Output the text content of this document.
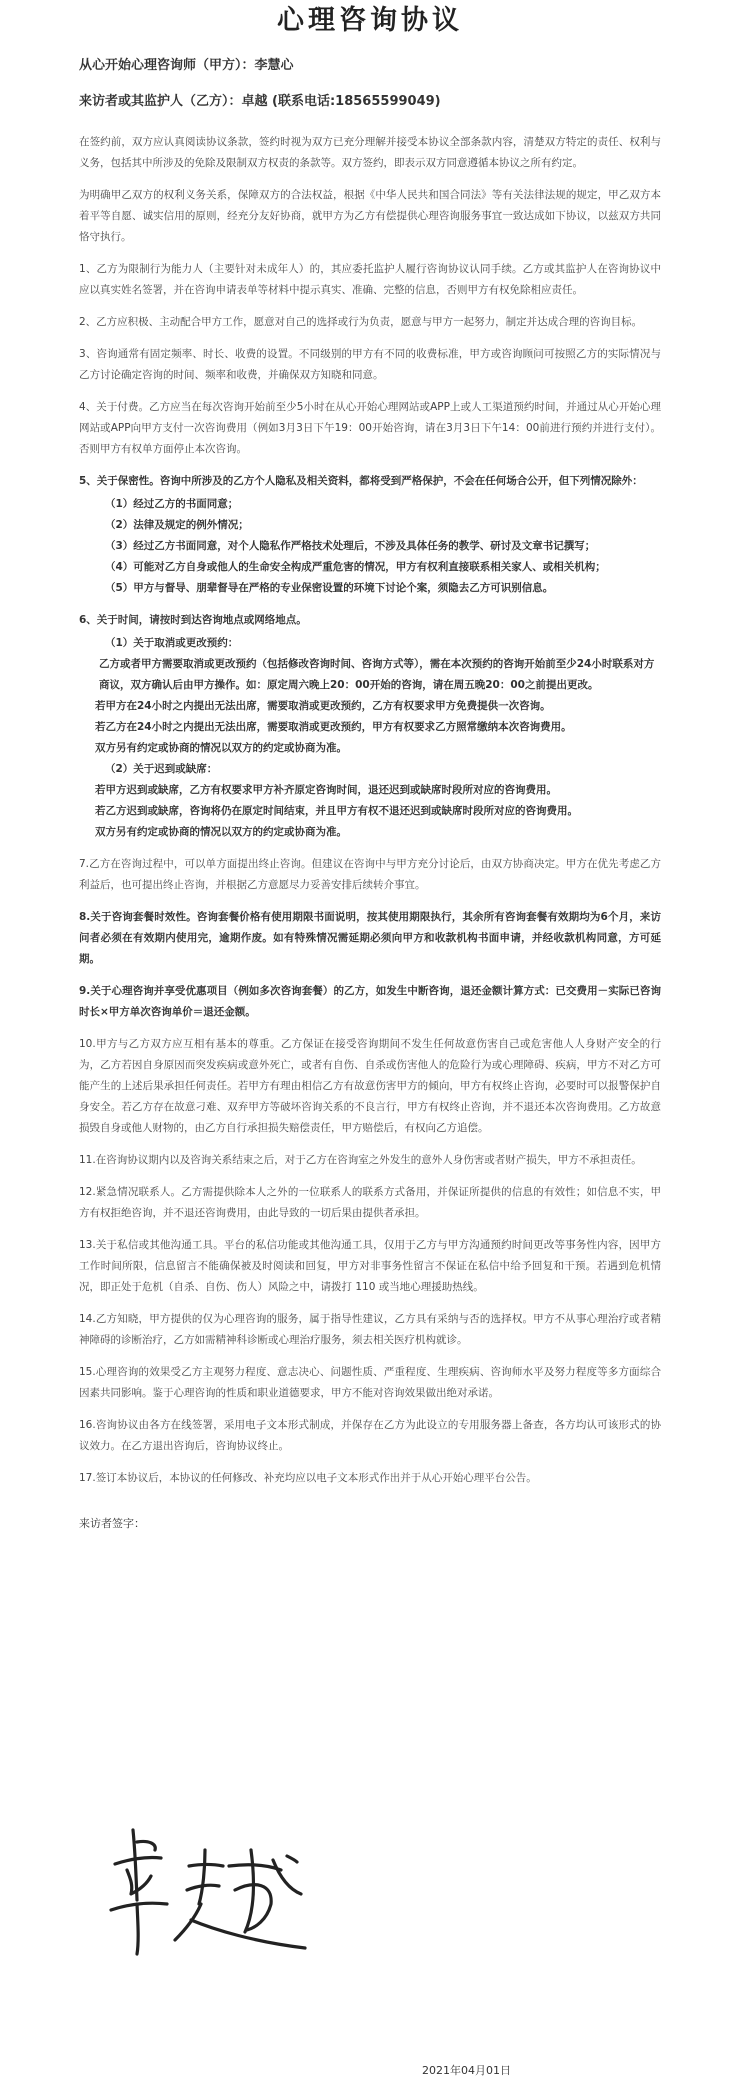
心理咨询协议
从心开始心理咨询师（甲方）：李慧心
来访者或其监护人（乙方）：卓越 (联系电话:18565599049)

在签约前，双方应认真阅读协议条款，签约时视为双方已充分理解并接受本协议全部条款内容，清楚双方特定的责任、权利与义务，包括其中所涉及的免除及限制双方权责的条款等。双方签约，即表示双方同意遵循本协议之所有约定。

为明确甲乙双方的权利义务关系，保障双方的合法权益，根据《中华人民共和国合同法》等有关法律法规的规定，甲乙双方本着平等自愿、诚实信用的原则，经充分友好协商，就甲方为乙方有偿提供心理咨询服务事宜一致达成如下协议，以兹双方共同恪守执行。

1、乙方为限制行为能力人（主要针对未成年人）的，其应委托监护人履行咨询协议认同手续。乙方或其监护人在咨询协议中应以真实姓名签署，并在咨询申请表单等材料中提示真实、准确、完整的信息，否则甲方有权免除相应责任。

2、乙方应积极、主动配合甲方工作，愿意对自己的选择或行为负责，愿意与甲方一起努力，制定并达成合理的咨询目标。

3、咨询通常有固定频率、时长、收费的设置。不同级别的甲方有不同的收费标准，甲方或咨询顾问可按照乙方的实际情况与乙方讨论确定咨询的时间、频率和收费，并确保双方知晓和同意。

4、关于付费。乙方应当在每次咨询开始前至少5小时在从心开始心理网站或APP上或人工渠道预约时间，并通过从心开始心理网站或APP向甲方支付一次咨询费用（例如3月3日下午19：00开始咨询，请在3月3日下午14：00前进行预约并进行支付）。否则甲方有权单方面停止本次咨询。

5、关于保密性。咨询中所涉及的乙方个人隐私及相关资料，都将受到严格保护，不会在任何场合公开，但下列情况除外：

（1）经过乙方的书面同意；
（2）法律及规定的例外情况；
（3）经过乙方书面同意，对个人隐私作严格技术处理后，不涉及具体任务的教学、研讨及文章书记撰写；
（4）可能对乙方自身或他人的生命安全构成严重危害的情况，甲方有权利直接联系相关家人、或相关机构；
（5）甲方与督导、朋辈督导在严格的专业保密设置的环境下讨论个案，须隐去乙方可识别信息。

6、关于时间，请按时到达咨询地点或网络地点。

（1）关于取消或更改预约：
乙方或者甲方需要取消或更改预约（包括修改咨询时间、咨询方式等），需在本次预约的咨询开始前至少24小时联系对方商议，双方确认后由甲方操作。如：原定周六晚上20：00开始的咨询，请在周五晚20：00之前提出更改。
若甲方在24小时之内提出无法出席，需要取消或更改预约，乙方有权要求甲方免费提供一次咨询。
若乙方在24小时之内提出无法出席，需要取消或更改预约，甲方有权要求乙方照常缴纳本次咨询费用。
双方另有约定或协商的情况以双方的约定或协商为准。
（2）关于迟到或缺席：
若甲方迟到或缺席，乙方有权要求甲方补齐原定咨询时间，退还迟到或缺席时段所对应的咨询费用。
若乙方迟到或缺席，咨询将仍在原定时间结束，并且甲方有权不退还迟到或缺席时段所对应的咨询费用。
双方另有约定或协商的情况以双方的约定或协商为准。

7.乙方在咨询过程中，可以单方面提出终止咨询。但建议在咨询中与甲方充分讨论后，由双方协商决定。甲方在优先考虑乙方利益后，也可提出终止咨询，并根据乙方意愿尽力妥善安排后续转介事宜。

8.关于咨询套餐时效性。咨询套餐价格有使用期限书面说明，按其使用期限执行，其余所有咨询套餐有效期均为6个月，来访问者必须在有效期内使用完，逾期作废。如有特殊情况需延期必须向甲方和收款机构书面申请，并经收款机构同意，方可延期。

9.关于心理咨询并享受优惠项目（例如多次咨询套餐）的乙方，如发生中断咨询，退还金额计算方式：已交费用－实际已咨询时长×甲方单次咨询单价＝退还金额。

10.甲方与乙方双方应互相有基本的尊重。乙方保证在接受咨询期间不发生任何故意伤害自己或危害他人人身财产安全的行为，乙方若因自身原因而突发疾病或意外死亡，或者有自伤、自杀或伤害他人的危险行为或心理障碍、疾病，甲方不对乙方可能产生的上述后果承担任何责任。若甲方有理由相信乙方有故意伤害甲方的倾向，甲方有权终止咨询，必要时可以报警保护自身安全。若乙方存在故意刁难、双弃甲方等破坏咨询关系的不良言行，甲方有权终止咨询，并不退还本次咨询费用。乙方故意损毁自身或他人财物的，由乙方自行承担损失赔偿责任，甲方赔偿后，有权向乙方追偿。

11.在咨询协议期内以及咨询关系结束之后，对于乙方在咨询室之外发生的意外人身伤害或者财产损失，甲方不承担责任。

12.紧急情况联系人。乙方需提供除本人之外的一位联系人的联系方式备用，并保证所提供的信息的有效性；如信息不实，甲方有权拒绝咨询，并不退还咨询费用，由此导致的一切后果由提供者承担。

13.关于私信或其他沟通工具。平台的私信功能或其他沟通工具，仅用于乙方与甲方沟通预约时间更改等事务性内容，因甲方工作时间所限，信息留言不能确保被及时阅读和回复，甲方对非事务性留言不保证在私信中给予回复和干预。若遇到危机情况，即正处于危机（自杀、自伤、伤人）风险之中，请拨打 110 或当地心理援助热线。

14.乙方知晓，甲方提供的仅为心理咨询的服务，属于指导性建议，乙方具有采纳与否的选择权。甲方不从事心理治疗或者精神障碍的诊断治疗，乙方如需精神科诊断或心理治疗服务，须去相关医疗机构就诊。

15.心理咨询的效果受乙方主观努力程度、意志决心、问题性质、严重程度、生理疾病、咨询师水平及努力程度等多方面综合因素共同影响。鉴于心理咨询的性质和职业道德要求，甲方不能对咨询效果做出绝对承诺。

16.咨询协议由各方在线签署，采用电子文本形式制成，并保存在乙方为此设立的专用服务器上备查，各方均认可该形式的协议效力。在乙方退出咨询后，咨询协议终止。

17.签订本协议后，本协议的任何修改、补充均应以电子文本形式作出并于从心开始心理平台公告。

来访者签字：

2021年04月01日
